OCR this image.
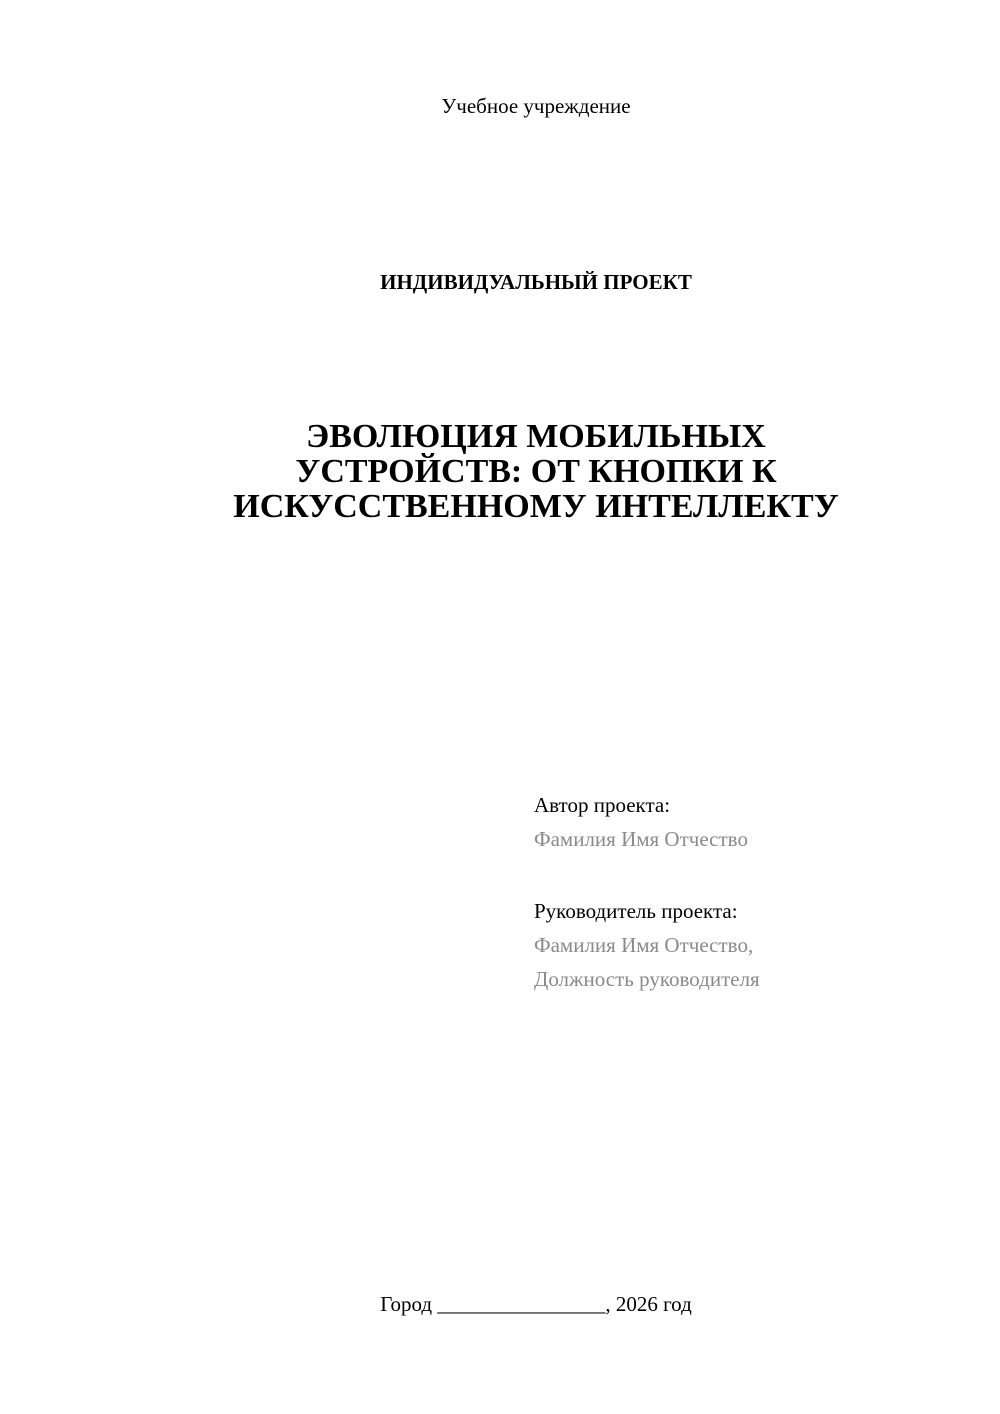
Учебное учреждение
ИНДИВИДУАЛЬНЫЙ ПРОЕКТ
ЭВОЛЮЦИЯ МОБИЛЬНЫХ
УСТРОЙСТВ: ОТ КНОПКИ К
ИСКУССТВЕННОМУ ИНТЕЛЛЕКТУ
Автор проекта:
Фамилия Имя Отчество
Руководитель проекта:
Фамилия Имя Отчество,
Должность руководителя
Город ________________, 2026 год
